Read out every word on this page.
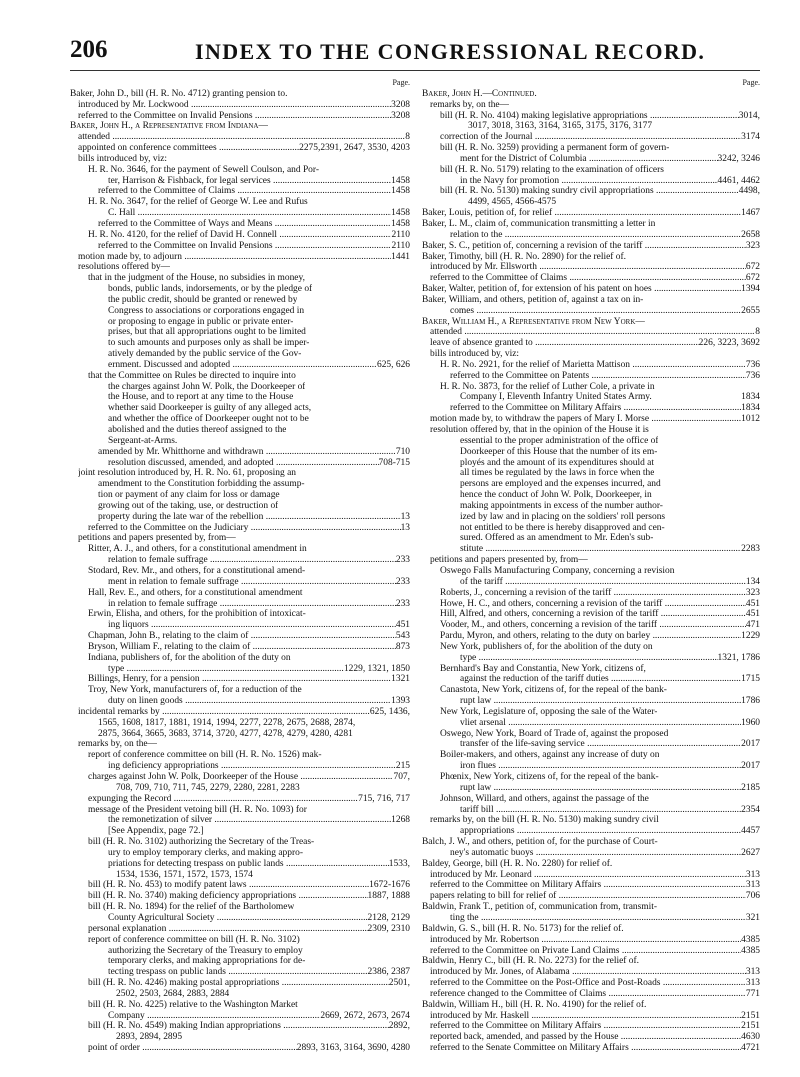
206	INDEX TO THE CONGRESSIONAL RECORD.
Page.
Baker, John D., bill (H. R. No. 4712) granting pension to.
introduced by Mr. Lockwood .....	3208
referred to the Committee on Invalid Pensions .....	3208
Baker, John H., a Representative from Indiana—
attended .....	8
appointed on conference committees .....	2275,2391, 2647, 3530, 4203
bills introduced by, viz:
H. R. No. 3646, for the payment of Sewell Coulson, and Por-
ter, Harrison & Fishback, for legal services .....	1458
referred to the Committee of Claims .....	1458
H. R. No. 3647, for the relief of George W. Lee and Rufus
C. Hall .....	1458
referred to the Committee of Ways and Means .....	1458
H. R. No. 4120, for the relief of David H. Connell .....	2110
referred to the Committee on Invalid Pensions .....	2110
motion made by, to adjourn .....	1441
resolutions offered by—
that in the judgment of the House, no subsidies in money,
bonds, public lands, indorsements, or by the pledge of
the public credit, should be granted or renewed by
Congress to associations or corporations engaged in
or proposing to engage in public or private enter-
prises, but that all appropriations ought to be limited
to such amounts and purposes only as shall be imper-
atively demanded by the public service of the Gov-
ernment. Discussed and adopted .....	625, 626
that the Committee on Rules be directed to inquire into
the charges against John W. Polk, the Doorkeeper of
the House, and to report at any time to the House
whether said Doorkeeper is guilty of any alleged acts,
and whether the office of Doorkeeper ought not to be
abolished and the duties thereof assigned to the
Sergeant-at-Arms.
amended by Mr. Whitthorne and withdrawn .....	710
resolution discussed, amended, and adopted .....	708-715
joint resolution introduced by, H. R. No. 61, proposing an
amendment to the Constitution forbidding the assump-
tion or payment of any claim for loss or damage
growing out of the taking, use, or destruction of
property during the late war of the rebellion .....	13
referred to the Committee on the Judiciary .....	13
petitions and papers presented by, from—
Ritter, A. J., and others, for a constitutional amendment in
relation to female suffrage .....	233
Stodard, Rev. Mr., and others, for a constitutional amend-
ment in relation to female suffrage .....	233
Hall, Rev. E., and others, for a constitutional amendment
in relation to female suffrage .....	233
Erwin, Elisha, and others, for the prohibition of intoxicat-
ing liquors .....	451
Chapman, John B., relating to the claim of .....	543
Bryson, William F., relating to the claim of .....	873
Indiana, publishers of, for the abolition of the duty on
type .....	1229, 1321, 1850
Billings, Henry, for a pension .....	1321
Troy, New York, manufacturers of, for a reduction of the
duty on linen goods .....	1393
incidental remarks by .....	625, 1436,
1565, 1608, 1817, 1881, 1914, 1994, 2277, 2278, 2675, 2688, 2874,
2875, 3664, 3665, 3683, 3714, 3720, 4277, 4278, 4279, 4280, 4281
remarks by, on the—
report of conference committee on bill (H. R. No. 1526) mak-
ing deficiency appropriations .....	215
charges against John W. Polk, Doorkeeper of the House .....	707,
708, 709, 710, 711, 745, 2279, 2280, 2281, 2283
expunging the Record .....	715, 716, 717
message of the President vetoing bill (H. R. No. 1093) for
the remonetization of silver .....	1268
[See Appendix, page 72.]
bill (H. R. No. 3102) authorizing the Secretary of the Treas-
ury to employ temporary clerks, and making appro-
priations for detecting trespass on public lands .....	1533,
1534, 1536, 1571, 1572, 1573, 1574
bill (H. R. No. 453) to modify patent laws .....	1672-1676
bill (H. R. No. 3740) making deficiency appropriations .....	1887, 1888
bill (H. R. No. 1894) for the relief of the Bartholomew
County Agricultural Society .....	2128, 2129
personal explanation .....	2309, 2310
report of conference committee on bill (H. R. No. 3102)
authorizing the Secretary of the Treasury to employ
temporary clerks, and making appropriations for de-
tecting trespass on public lands .....	2386, 2387
bill (H. R. No. 4246) making postal appropriations .....	2501,
2502, 2503, 2684, 2883, 2884
bill (H. R. No. 4225) relative to the Washington Market
Company .....	2669, 2672, 2673, 2674
bill (H. R. No. 4549) making Indian appropriations .....	2892,
2893, 2894, 2895
point of order .....	2893, 3163, 3164, 3690, 4280
Page.
Baker, John H.—Continued.
remarks by, on the—
bill (H. R. No. 4104) making legislative appropriations .....	3014,
3017, 3018, 3163, 3164, 3165, 3175, 3176, 3177
correction of the Journal .....	3174
bill (H. R. No. 3259) providing a permanent form of govern-
ment for the District of Columbia .....	3242, 3246
bill (H. R. No. 5179) relating to the examination of officers
in the Navy for promotion .....	4461, 4462
bill (H. R. No. 5130) making sundry civil appropriations .....	4498,
4499, 4565, 4566-4575
Baker, Louis, petition of, for relief .....	1467
Baker, L. M., claim of, communication transmitting a letter in
relation to the .....	2658
Baker, S. C., petition of, concerning a revision of the tariff .....	323
Baker, Timothy, bill (H. R. No. 2890) for the relief of.
introduced by Mr. Ellsworth .....	672
referred to the Committee of Claims .....	672
Baker, Walter, petition of, for extension of his patent on hoes .....	1394
Baker, William, and others, petition of, against a tax on in-
comes .....	2655
Baker, William H., a Representative from New York—
attended .....	8
leave of absence granted to .....	226, 3223, 3692
bills introduced by, viz:
H. R. No. 2921, for the relief of Marietta Mattison .....	736
referred to the Committee on Patents .....	736
H. R. No. 3873, for the relief of Luther Cole, a private in
Company I, Eleventh Infantry United States Army.	1834
referred to the Committee on Military Affairs .....	1834
motion made by, to withdraw the papers of Mary I. Morse .....	1012
resolution offered by, that in the opinion of the House it is
essential to the proper administration of the office of
Doorkeeper of this House that the number of its em-
ployés and the amount of its expenditures should at
all times be regulated by the laws in force when the
persons are employed and the expenses incurred, and
hence the conduct of John W. Polk, Doorkeeper, in
making appointments in excess of the number author-
ized by law and in placing on the soldiers' roll persons
not entitled to be there is hereby disapproved and cen-
sured. Offered as an amendment to Mr. Eden's sub-
stitute .....	2283
petitions and papers presented by, from—
Oswego Falls Manufacturing Company, concerning a revision
of the tariff .....	134
Roberts, J., concerning a revision of the tariff .....	323
Howe, H. C., and others, concerning a revision of the tariff .....	451
Hill, Alfred, and others, concerning a revision of the tariff .....	451
Vooder, M., and others, concerning a revision of the tariff .....	471
Pardu, Myron, and others, relating to the duty on barley .....	1229
New York, publishers of, for the abolition of the duty on
type .....	1321, 1786
Bernhard's Bay and Constantia, New York, citizens of,
against the reduction of the tariff duties .....	1715
Canastota, New York, citizens of, for the repeal of the bank-
rupt law .....	1786
New York, Legislature of, opposing the sale of the Water-
vliet arsenal .....	1960
Oswego, New York, Board of Trade of, against the proposed
transfer of the life-saving service .....	2017
Boiler-makers, and others, against any increase of duty on
iron flues .....	2017
Phœnix, New York, citizens of, for the repeal of the bank-
rupt law .....	2185
Johnson, Willard, and others, against the passage of the
tariff bill .....	2354
remarks by, on the bill (H. R. No. 5130) making sundry civil
appropriations .....	4457
Balch, J. W., and others, petition of, for the purchase of Court-
ney's automatic buoys .....	2627
Baldey, George, bill (H. R. No. 2280) for relief of.
introduced by Mr. Leonard .....	313
referred to the Committee on Military Affairs .....	313
papers relating to bill for relief of .....	706
Baldwin, Frank T., petition of, communication from, transmit-
ting the .....	321
Baldwin, G. S., bill (H. R. No. 5173) for the relief of.
introduced by Mr. Robertson .....	4385
referred to the Committee on Private Land Claims .....	4385
Baldwin, Henry C., bill (H. R. No. 2273) for the relief of.
introduced by Mr. Jones, of Alabama .....	313
referred to the Committee on the Post-Office and Post-Roads .....	313
reference changed to the Committee of Claims .....	771
Baldwin, William H., bill (H. R. No. 4190) for the relief of.
introduced by Mr. Haskell .....	2151
referred to the Committee on Military Affairs .....	2151
reported back, amended, and passed by the House .....	4630
referred to the Senate Committee on Military Affairs .....	4721
